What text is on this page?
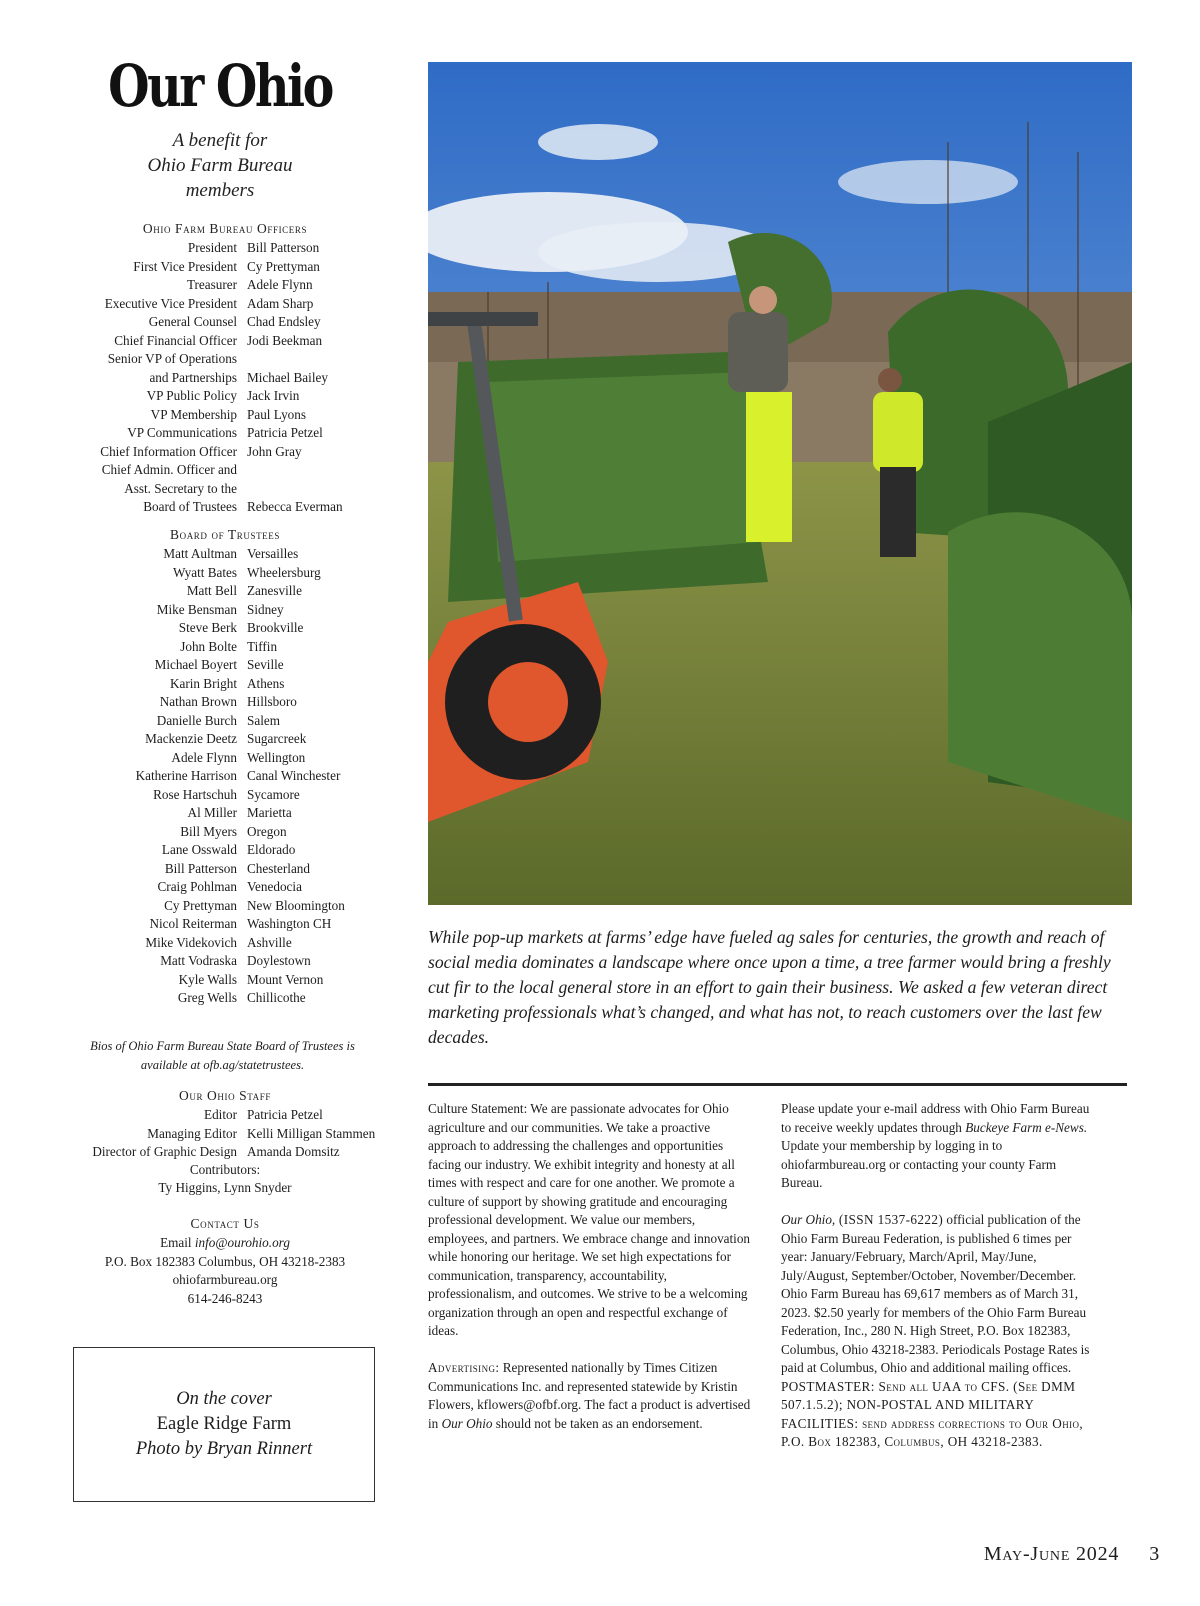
Our Ohio
A benefit for
Ohio Farm Bureau
members
Ohio Farm Bureau Officers
President Bill Patterson
First Vice President Cy Prettyman
Treasurer Adele Flynn
Executive Vice President Adam Sharp
General Counsel Chad Endsley
Chief Financial Officer Jodi Beekman
Senior VP of Operations
and Partnerships Michael Bailey
VP Public Policy Jack Irvin
VP Membership Paul Lyons
VP Communications Patricia Petzel
Chief Information Officer John Gray
Chief Admin. Officer and
Asst. Secretary to the
Board of Trustees Rebecca Everman
Board of Trustees
Matt Aultman Versailles
Wyatt Bates Wheelersburg
Matt Bell Zanesville
Mike Bensman Sidney
Steve Berk Brookville
John Bolte Tiffin
Michael Boyert Seville
Karin Bright Athens
Nathan Brown Hillsboro
Danielle Burch Salem
Mackenzie Deetz Sugarcreek
Adele Flynn Wellington
Katherine Harrison Canal Winchester
Rose Hartschuh Sycamore
Al Miller Marietta
Bill Myers Oregon
Lane Osswald Eldorado
Bill Patterson Chesterland
Craig Pohlman Venedocia
Cy Prettyman New Bloomington
Nicol Reiterman Washington CH
Mike Videkovich Ashville
Matt Vodraska Doylestown
Kyle Walls Mount Vernon
Greg Wells Chillicothe
Bios of Ohio Farm Bureau State Board of Trustees is available at ofb.ag/statetrustees.
Our Ohio Staff
Editor Patricia Petzel
Managing Editor Kelli Milligan Stammen
Director of Graphic Design Amanda Domsitz
Contributors:
Ty Higgins, Lynn Snyder
Contact Us
Email info@ourohio.org
P.O. Box 182383 Columbus, OH 43218-2383
ohiofarmbureau.org
614-246-8243
On the cover
Eagle Ridge Farm
Photo by Bryan Rinnert
While pop-up markets at farms’ edge have fueled ag sales for centuries, the growth and reach of social media dominates a landscape where once upon a time, a tree farmer would bring a freshly cut fir to the local general store in an effort to gain their business. We asked a few veteran direct marketing professionals what’s changed, and what has not, to reach customers over the last few decades.

Culture Statement: We are passionate advocates for Ohio agriculture and our communities. We take a proactive approach to addressing the challenges and opportunities facing our industry. We exhibit integrity and honesty at all times with respect and care for one another. We promote a culture of support by showing gratitude and encouraging professional development. We value our members, employees, and partners. We embrace change and innovation while honoring our heritage. We set high expectations for communication, transparency, accountability, professionalism, and outcomes. We strive to be a welcoming organization through an open and respectful exchange of ideas.

Advertising: Represented nationally by Times Citizen Communications Inc. and represented statewide by Kristin Flowers, kflowers@ofbf.org. The fact a product is advertised in Our Ohio should not be taken as an endorsement.

Please update your e-mail address with Ohio Farm Bureau to receive weekly updates through Buckeye Farm e-News. Update your membership by logging in to ohiofarmbureau.org or contacting your county Farm Bureau.

Our Ohio, (ISSN 1537-6222) official publication of the Ohio Farm Bureau Federation, is published 6 times per year: January/February, March/April, May/June, July/August, September/October, November/December. Ohio Farm Bureau has 69,617 members as of March 31, 2023. $2.50 yearly for members of the Ohio Farm Bureau Federation, Inc., 280 N. High Street, P.O. Box 182383, Columbus, Ohio 43218-2383. Periodicals Postage Rates is paid at Columbus, Ohio and additional mailing offices. POSTMASTER: Send all UAA to CFS. (See DMM 507.1.5.2); NON-POSTAL AND MILITARY FACILITIES: send address corrections to Our Ohio, P.O. Box 182383, Columbus, OH 43218-2383.

May-June 2024 3
